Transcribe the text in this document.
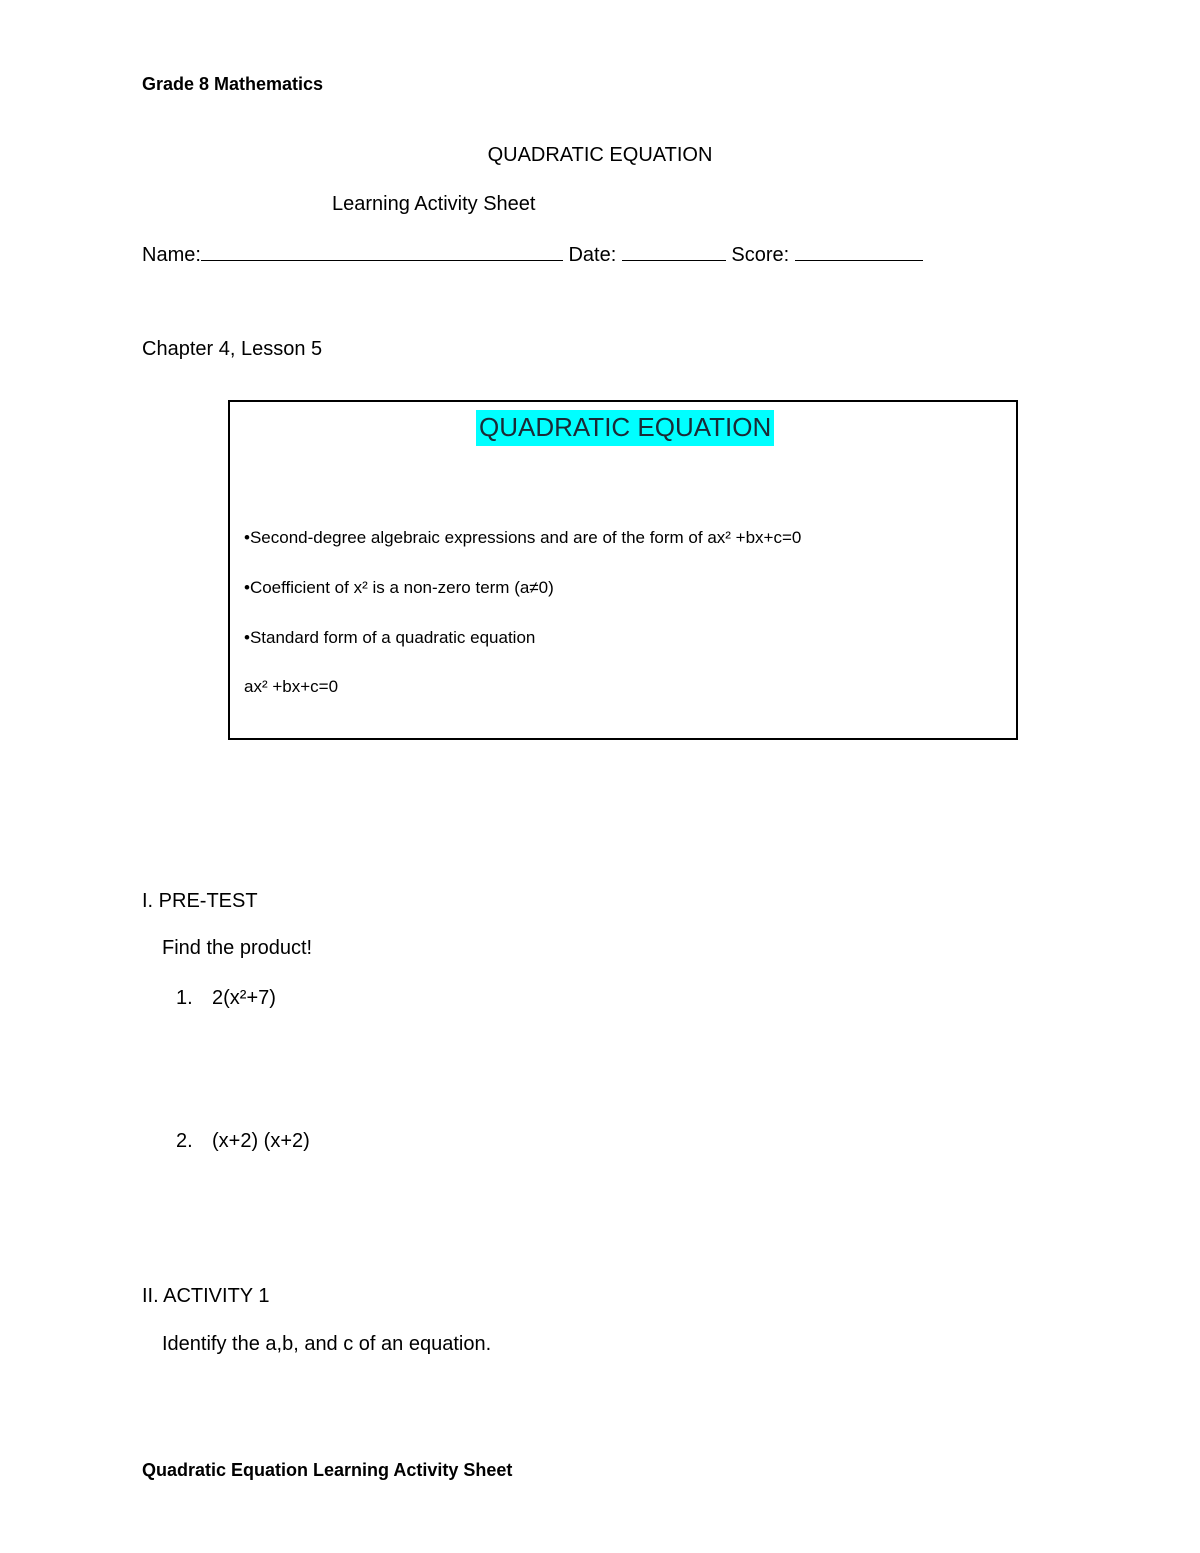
Grade 8 Mathematics
QUADRATIC EQUATION
Learning Activity Sheet
Name:	Date:	Score:
Chapter 4, Lesson 5
QUADRATIC EQUATION
•Second-degree algebraic expressions and are of the form of ax² +bx+c=0
•Coefficient of x² is a non-zero term (a≠0)
•Standard form of a quadratic equation
ax² +bx+c=0
I. PRE-TEST
Find the product!
1. 2(x²+7)
2. (x+2) (x+2)
II. ACTIVITY 1
Identify the a,b, and c of an equation.
Quadratic Equation Learning Activity Sheet
